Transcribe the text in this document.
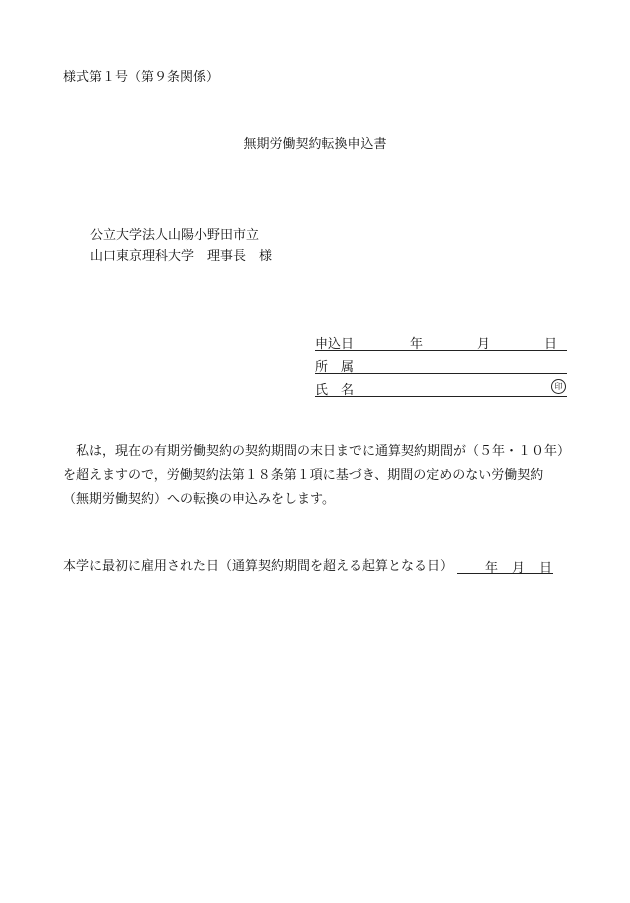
様式第１号（第９条関係）
無期労働契約転換申込書
公立大学法人山陽小野田市立
山口東京理科大学　理事長　様
申込日	年	月	日
所　属
氏　名	印
私は，現在の有期労働契約の契約期間の末日までに通算契約期間が（５年・１０年）を超えますので，労働契約法第１８条第１項に基づき、期間の定めのない労働契約（無期労働契約）への転換の申込みをします。
本学に最初に雇用された日（通算契約期間を超える起算となる日） 年 月 日
